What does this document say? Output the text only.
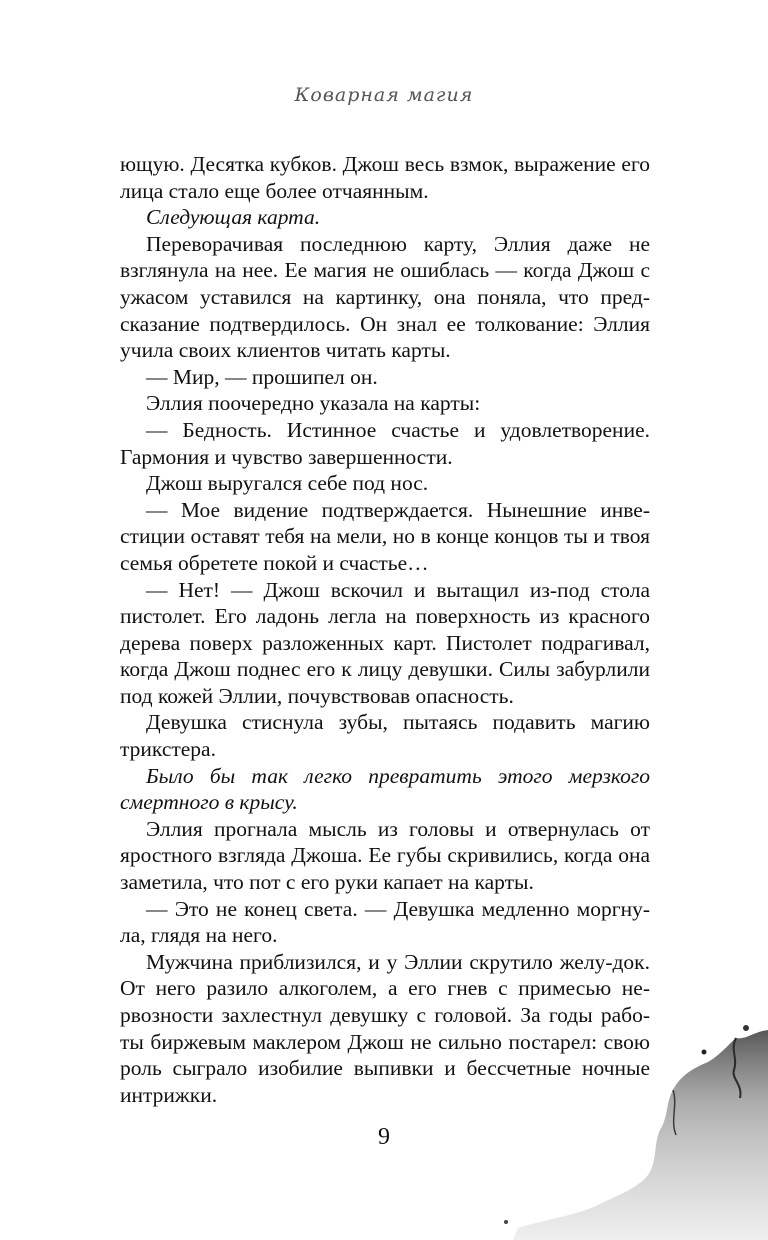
Коварная магия

ющую. Десятка кубков. Джош весь взмок, выражение его лица стало еще более отчаянным.

Следующая карта.

Переворачивая последнюю карту, Эллия даже не взглянула на нее. Ее магия не ошиблась — когда Джош с ужасом уставился на картинку, она поняла, что пред-сказание подтвердилось. Он знал ее толкование: Эллия учила своих клиентов читать карты.

— Мир, — прошипел он.

Эллия поочередно указала на карты:

— Бедность. Истинное счастье и удовлетворение. Гармония и чувство завершенности.

Джош выругался себе под нос.

— Мое видение подтверждается. Нынешние инве-стиции оставят тебя на мели, но в конце концов ты и твоя семья обретете покой и счастье…

— Нет! — Джош вскочил и вытащил из-под стола пистолет. Его ладонь легла на поверхность из красного дерева поверх разложенных карт. Пистолет подрагивал, когда Джош поднес его к лицу девушки. Силы забурлили под кожей Эллии, почувствовав опасность.

Девушка стиснула зубы, пытаясь подавить магию трикстера.

Было бы так легко превратить этого мерзкого смертного в крысу.

Эллия прогнала мысль из головы и отвернулась от яростного взгляда Джоша. Ее губы скривились, когда она заметила, что пот с его руки капает на карты.

— Это не конец света. — Девушка медленно моргну-ла, глядя на него.

Мужчина приблизился, и у Эллии скрутило желу-док. От него разило алкоголем, а его гнев с примесью не-рвозности захлестнул девушку с головой. За годы рабо-ты биржевым маклером Джош не сильно постарел: свою роль сыграло изобилие выпивки и бессчетные ночные интрижки.

9
